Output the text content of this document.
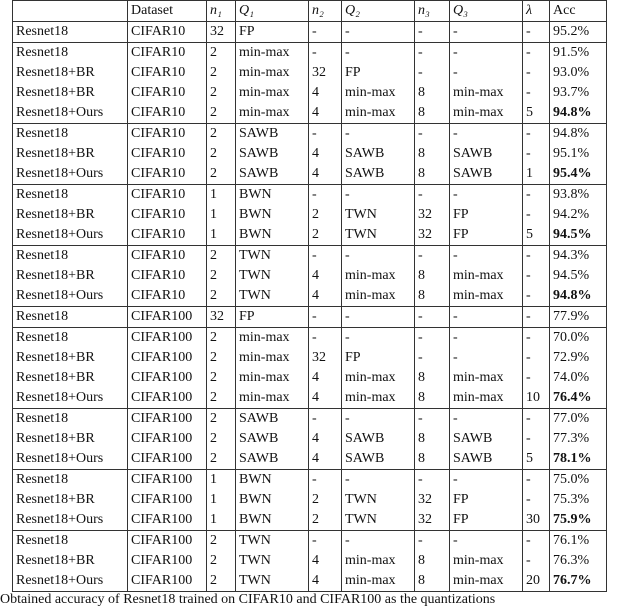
	Dataset	n₁	Q₁	n₂	Q₂	n₃	Q₃	λ	Acc
Resnet18	CIFAR10	32	FP	-	-	-	-	-	95.2%
Resnet18	CIFAR10	2	min-max	-	-	-	-	-	91.5%
Resnet18+BR	CIFAR10	2	min-max	32	FP	-	-	-	93.0%
Resnet18+BR	CIFAR10	2	min-max	4	min-max	8	min-max	-	93.7%
Resnet18+Ours	CIFAR10	2	min-max	4	min-max	8	min-max	5	94.8%
Resnet18	CIFAR10	2	SAWB	-	-	-	-	-	94.8%
Resnet18+BR	CIFAR10	2	SAWB	4	SAWB	8	SAWB	-	95.1%
Resnet18+Ours	CIFAR10	2	SAWB	4	SAWB	8	SAWB	1	95.4%
Resnet18	CIFAR10	1	BWN	-	-	-	-	-	93.8%
Resnet18+BR	CIFAR10	1	BWN	2	TWN	32	FP	-	94.2%
Resnet18+Ours	CIFAR10	1	BWN	2	TWN	32	FP	5	94.5%
Resnet18	CIFAR10	2	TWN	-	-	-	-	-	94.3%
Resnet18+BR	CIFAR10	2	TWN	4	min-max	8	min-max	-	94.5%
Resnet18+Ours	CIFAR10	2	TWN	4	min-max	8	min-max	-	94.8%
Resnet18	CIFAR100	32	FP	-	-	-	-	-	77.9%
Resnet18	CIFAR100	2	min-max	-	-	-	-	-	70.0%
Resnet18+BR	CIFAR100	2	min-max	32	FP	-	-	-	72.9%
Resnet18+BR	CIFAR100	2	min-max	4	min-max	8	min-max	-	74.0%
Resnet18+Ours	CIFAR100	2	min-max	4	min-max	8	min-max	10	76.4%
Resnet18	CIFAR100	2	SAWB	-	-	-	-	-	77.0%
Resnet18+BR	CIFAR100	2	SAWB	4	SAWB	8	SAWB	-	77.3%
Resnet18+Ours	CIFAR100	2	SAWB	4	SAWB	8	SAWB	5	78.1%
Resnet18	CIFAR100	1	BWN	-	-	-	-	-	75.0%
Resnet18+BR	CIFAR100	1	BWN	2	TWN	32	FP	-	75.3%
Resnet18+Ours	CIFAR100	1	BWN	2	TWN	32	FP	30	75.9%
Resnet18	CIFAR100	2	TWN	-	-	-	-	-	76.1%
Resnet18+BR	CIFAR100	2	TWN	4	min-max	8	min-max	-	76.3%
Resnet18+Ours	CIFAR100	2	TWN	4	min-max	8	min-max	20	76.7%
Obtained accuracy of Resnet18 trained on CIFAR10 and CIFAR100 as the quantizations
